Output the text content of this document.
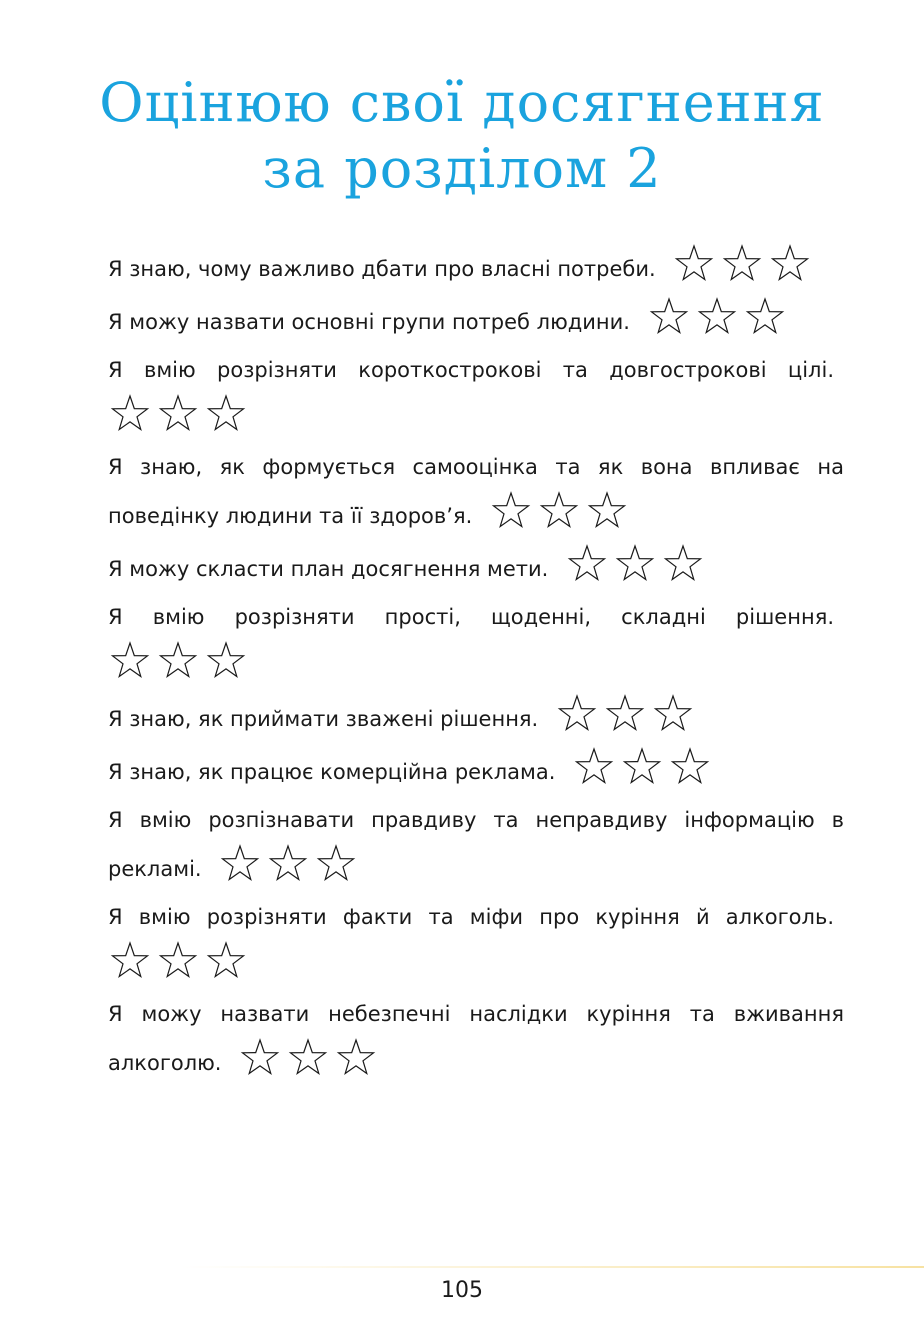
Оцінюю свої досягнення
за розділом 2
Я знаю, чому важливо дбати про власні потреби.
Я можу назвати основні групи потреб людини.
Я вмію розрізняти короткострокові та довгострокові цілі.
Я знаю, як формується самооцінка та як вона впливає на поведінку людини та її здоров’я.
Я можу скласти план досягнення мети.
Я вмію розрізняти прості, щоденні, складні рішення.
Я знаю, як приймати зважені рішення.
Я знаю, як працює комерційна реклама.
Я вмію розпізнавати правдиву та неправдиву інформацію в рекламі.
Я вмію розрізняти факти та міфи про куріння й алкоголь.
Я можу назвати небезпечні наслідки куріння та вживання алкоголю.
105
